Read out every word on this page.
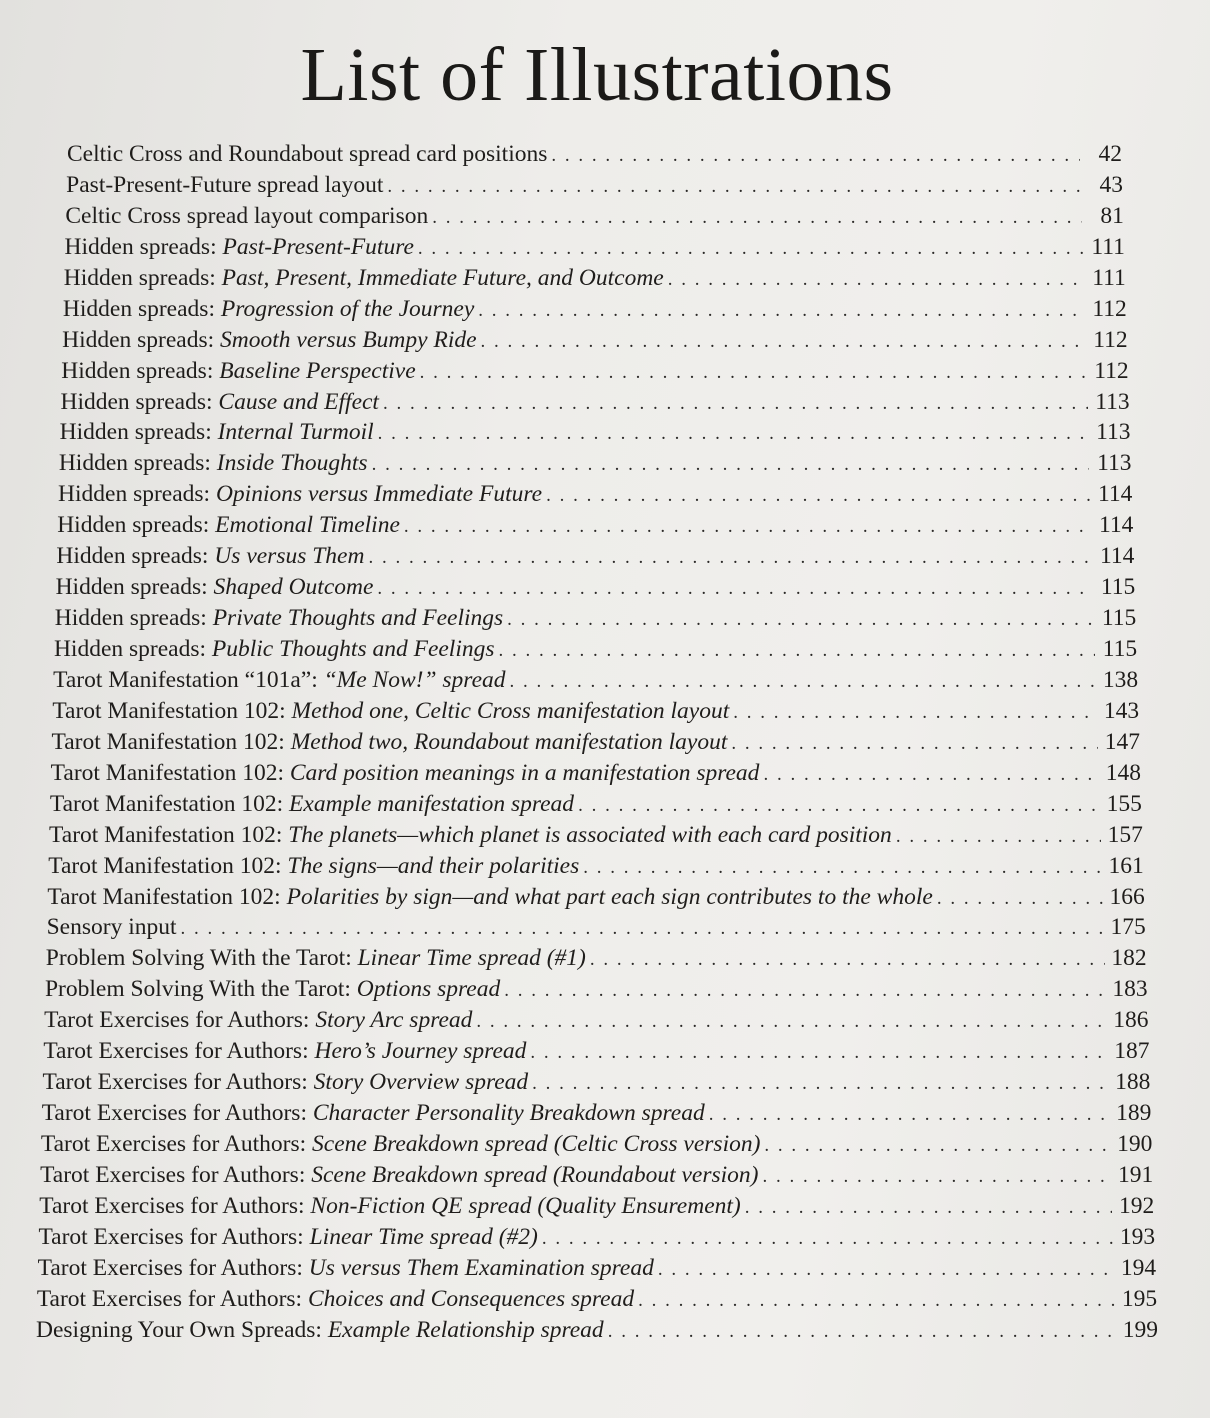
List of Illustrations
Celtic Cross and Roundabout spread card positions . . .	42
Past-Present-Future spread layout . . .	43
Celtic Cross spread layout comparison . . .	81
Hidden spreads: Past-Present-Future . . .	111
Hidden spreads: Past, Present, Immediate Future, and Outcome . . .	111
Hidden spreads: Progression of the Journey . . .	112
Hidden spreads: Smooth versus Bumpy Ride . . .	112
Hidden spreads: Baseline Perspective . . .	112
Hidden spreads: Cause and Effect . . .	113
Hidden spreads: Internal Turmoil . . .	113
Hidden spreads: Inside Thoughts . . .	113
Hidden spreads: Opinions versus Immediate Future . . .	114
Hidden spreads: Emotional Timeline . . .	114
Hidden spreads: Us versus Them . . .	114
Hidden spreads: Shaped Outcome . . .	115
Hidden spreads: Private Thoughts and Feelings . . .	115
Hidden spreads: Public Thoughts and Feelings . . .	115
Tarot Manifestation “101a”: “Me Now!” spread . . .	138
Tarot Manifestation 102: Method one, Celtic Cross manifestation layout . . .	143
Tarot Manifestation 102: Method two, Roundabout manifestation layout . . .	147
Tarot Manifestation 102: Card position meanings in a manifestation spread . . .	148
Tarot Manifestation 102: Example manifestation spread . . .	155
Tarot Manifestation 102: The planets—which planet is associated with each card position . . .	157
Tarot Manifestation 102: The signs—and their polarities . . .	161
Tarot Manifestation 102: Polarities by sign—and what part each sign contributes to the whole . . .	166
Sensory input . . .	175
Problem Solving With the Tarot: Linear Time spread (#1) . . .	182
Problem Solving With the Tarot: Options spread . . .	183
Tarot Exercises for Authors: Story Arc spread . . .	186
Tarot Exercises for Authors: Hero’s Journey spread . . .	187
Tarot Exercises for Authors: Story Overview spread . . .	188
Tarot Exercises for Authors: Character Personality Breakdown spread . . .	189
Tarot Exercises for Authors: Scene Breakdown spread (Celtic Cross version) . . .	190
Tarot Exercises for Authors: Scene Breakdown spread (Roundabout version) . . .	191
Tarot Exercises for Authors: Non-Fiction QE spread (Quality Ensurement) . . .	192
Tarot Exercises for Authors: Linear Time spread (#2) . . .	193
Tarot Exercises for Authors: Us versus Them Examination spread . . .	194
Tarot Exercises for Authors: Choices and Consequences spread . . .	195
Designing Your Own Spreads: Example Relationship spread . . .	199
